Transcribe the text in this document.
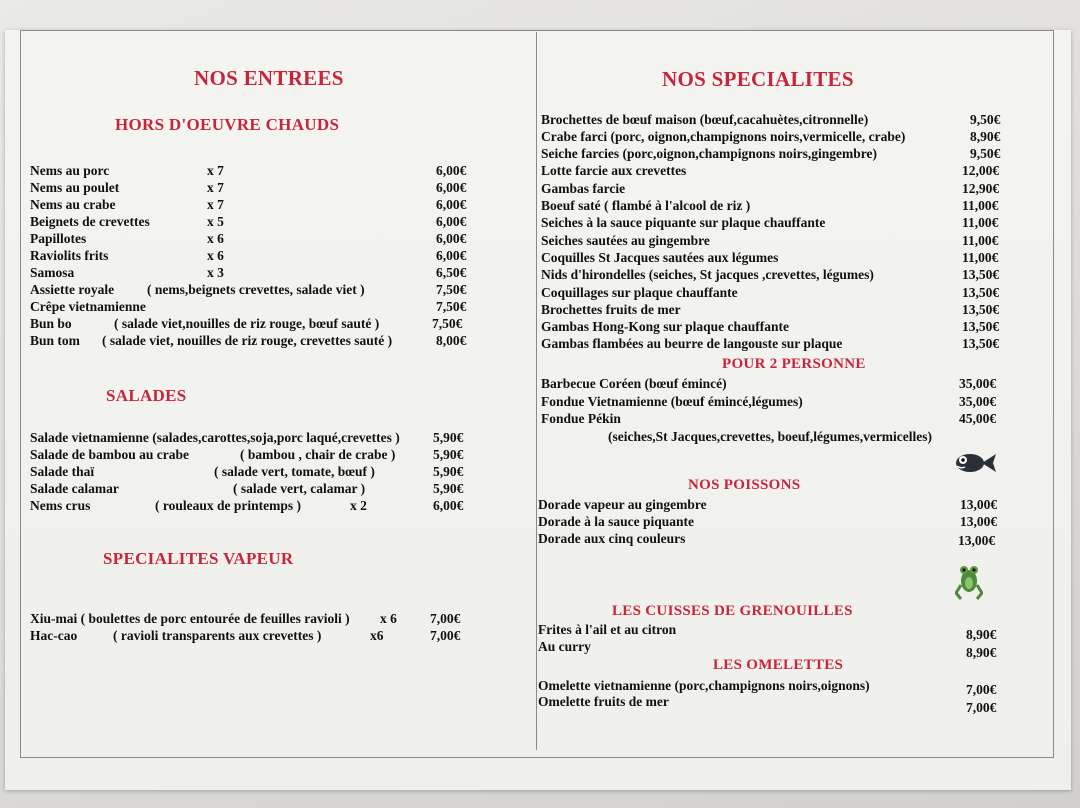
NOS ENTREES
HORS D'OEUVRE CHAUDS
Nems au porc	x 7	6,00€
Nems au poulet	x 7	6,00€
Nems au crabe	x 7	6,00€
Beignets de crevettes	x 5	6,00€
Papillotes	x 6	6,00€
Raviolits frits	x 6	6,00€
Samosa	x 3	6,50€
Assiette royale ( nems,beignets crevettes, salade viet )	7,50€
Crêpe vietnamienne	7,50€
Bun bo	( salade viet,nouilles de riz rouge, bœuf sauté )	7,50€
Bun tom ( salade viet, nouilles de riz rouge, crevettes sauté )	8,00€
SALADES
Salade vietnamienne (salades,carottes,soja,porc laqué,crevettes ) 5,90€
Salade de bambou au crabe	( bambou , chair de crabe )	5,90€
Salade thaï	( salade vert, tomate, bœuf )	5,90€
Salade calamar	( salade vert, calamar )	5,90€
Nems crus	( rouleaux de printemps )	x 2	6,00€
SPECIALITES VAPEUR
Xiu-mai ( boulettes de porc entourée de feuilles ravioli ) x 6 7,00€
Hac-cao	( ravioli transparents aux crevettes )	x6	7,00€
NOS SPECIALITES
Brochettes de bœuf maison (bœuf,cacahuètes,citronnelle)	9,50€
Crabe farci (porc, oignon,champignons noirs,vermicelle, crabe)	8,90€
Seiche farcies (porc,oignon,champignons noirs,gingembre)	9,50€
Lotte farcie aux crevettes	12,00€
Gambas farcie	12,90€
Boeuf saté ( flambé à l'alcool de riz )	11,00€
Seiches à la sauce piquante sur plaque chauffante	11,00€
Seiches sautées au gingembre	11,00€
Coquilles St Jacques sautées aux légumes	11,00€
Nids d'hirondelles (seiches, St jacques ,crevettes, légumes)	13,50€
Coquillages sur plaque chauffante	13,50€
Brochettes fruits de mer	13,50€
Gambas Hong-Kong sur plaque chauffante	13,50€
Gambas flambées au beurre de langouste sur plaque	13,50€
POUR 2 PERSONNE
Barbecue Coréen (bœuf émincé)	35,00€
Fondue Vietnamienne (bœuf émincé,légumes)	35,00€
Fondue Pékin	45,00€
(seiches,St Jacques,crevettes, boeuf,légumes,vermicelles)
NOS POISSONS
Dorade vapeur au gingembre	13,00€
Dorade à la sauce piquante	13,00€
Dorade aux cinq couleurs	13,00€
LES CUISSES DE GRENOUILLES
Frites à l'ail et au citron	8,90€
Au curry	8,90€
LES OMELETTES
Omelette vietnamienne (porc,champignons noirs,oignons)	7,00€
Omelette fruits de mer	7,00€
